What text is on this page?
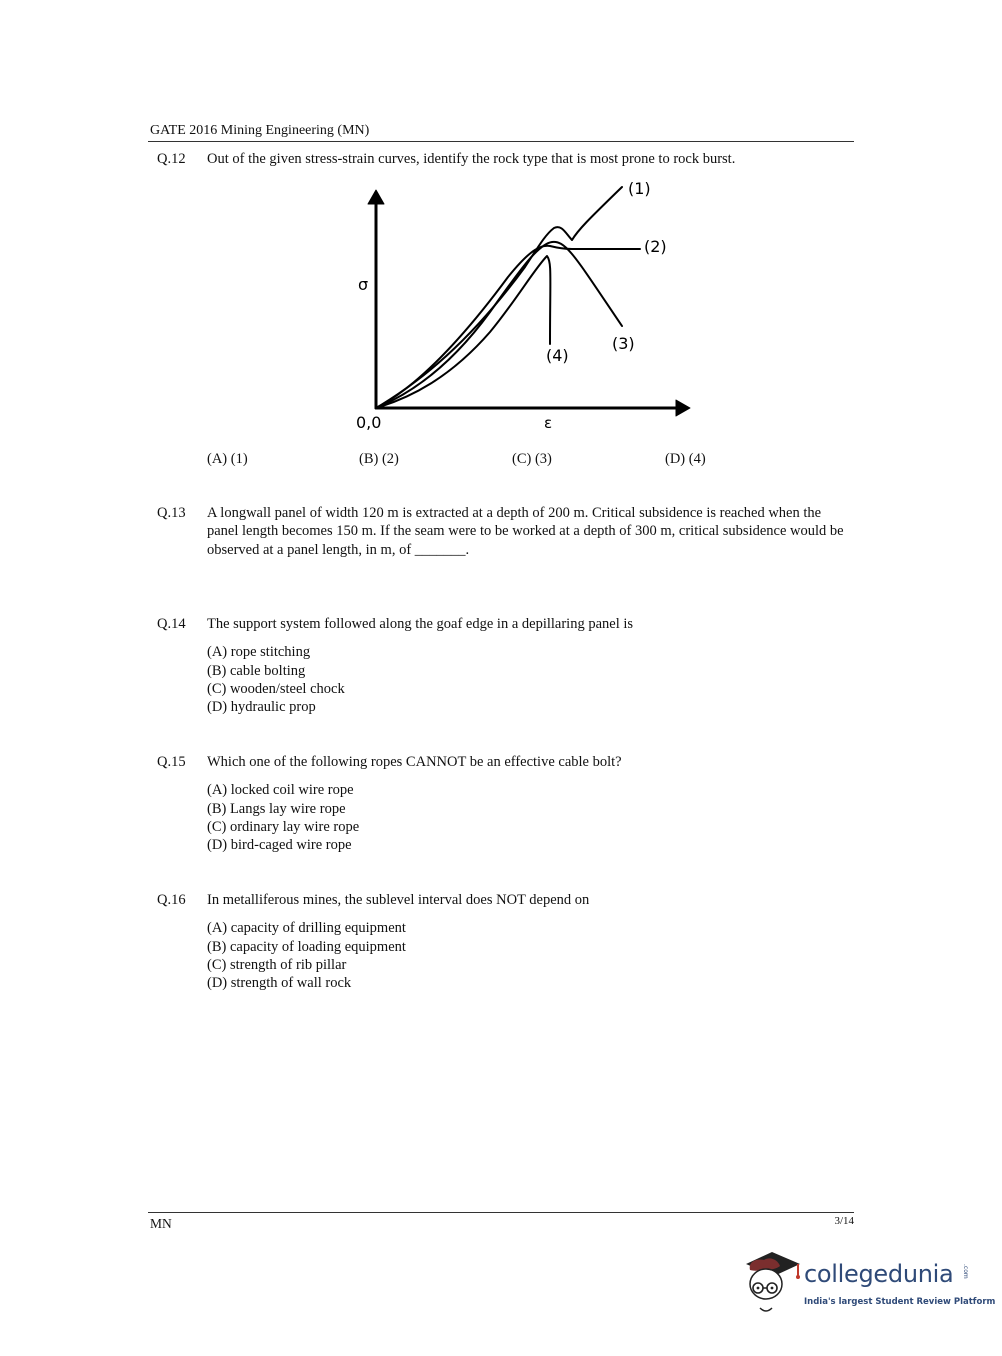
GATE 2016 Mining Engineering (MN)
Q.12 Out of the given stress-strain curves, identify the rock type that is most prone to rock burst.
σ
ε
0,0
(1)
(2)
(3)
(4)
(A) (1)	(B) (2)	(C) (3)	(D) (4)
Q.13 A longwall panel of width 120 m is extracted at a depth of 200 m. Critical subsidence is reached when the panel length becomes 150 m. If the seam were to be worked at a depth of 300 m, critical subsidence would be observed at a panel length, in m, of _______.
Q.14 The support system followed along the goaf edge in a depillaring panel is
(A) rope stitching
(B) cable bolting
(C) wooden/steel chock
(D) hydraulic prop
Q.15 Which one of the following ropes CANNOT be an effective cable bolt?
(A) locked coil wire rope
(B) Langs lay wire rope
(C) ordinary lay wire rope
(D) bird-caged wire rope
Q.16 In metalliferous mines, the sublevel interval does NOT depend on
(A) capacity of drilling equipment
(B) capacity of loading equipment
(C) strength of rib pillar
(D) strength of wall rock
MN	3/14
collegedunia .com
India's largest Student Review Platform
